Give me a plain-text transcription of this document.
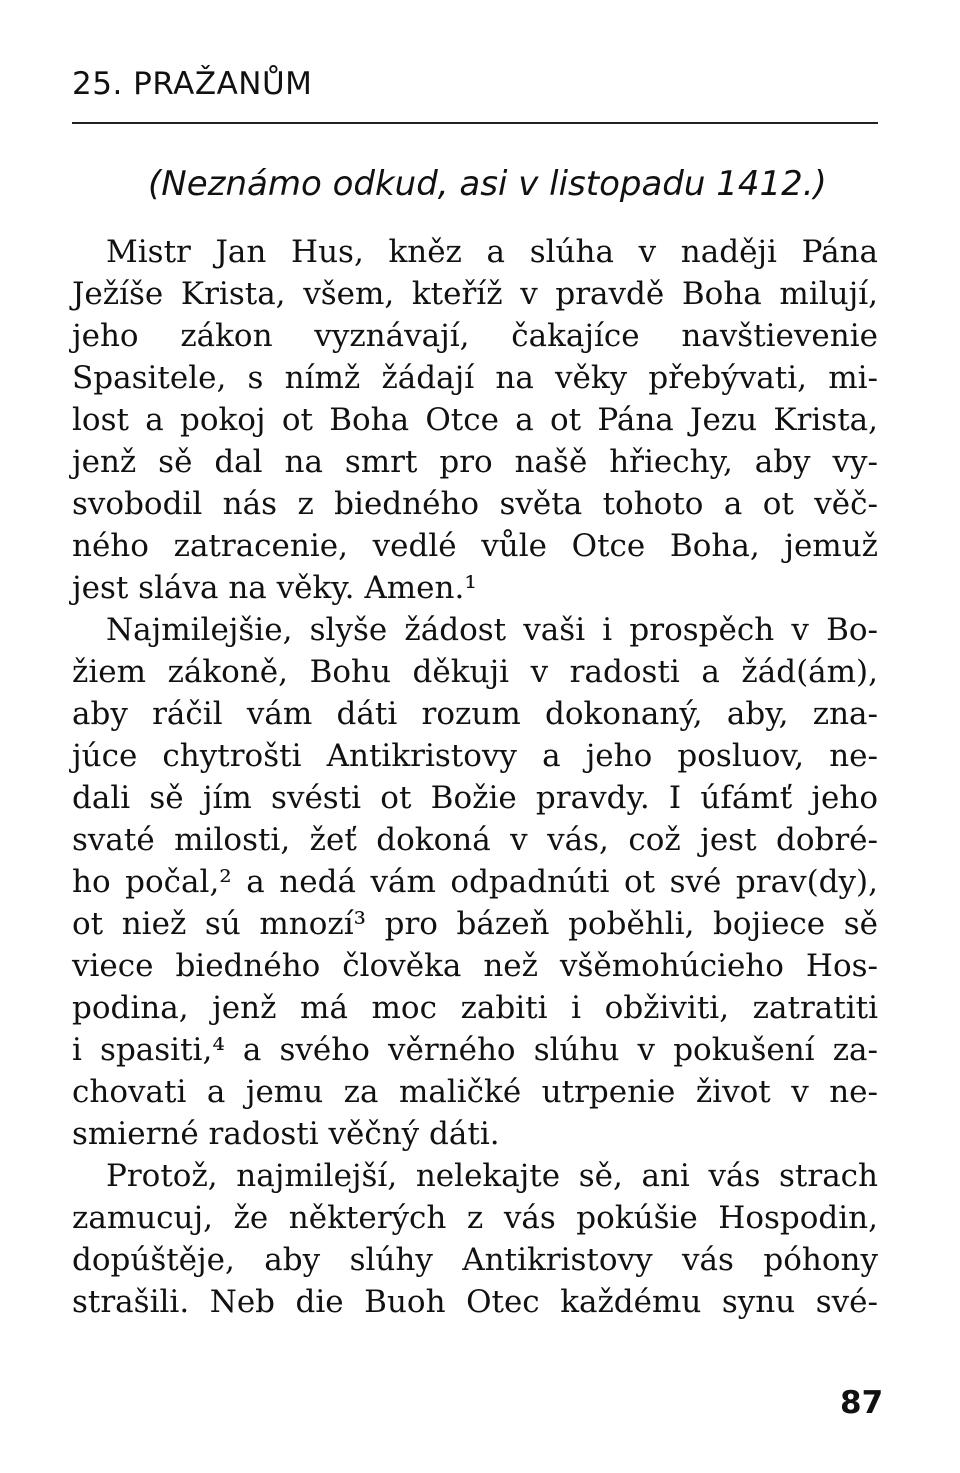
25. PRAŽANŮM
(Neznámo odkud, asi v listopadu 1412.)
Mistr Jan Hus, kněz a slúha v naději Pána
Ježíše Krista, všem, kteříž v pravdě Boha milují,
jeho zákon vyznávají, čakajíce navštievenie
Spasitele, s nímž žádají na věky přebývati, mi-
lost a pokoj ot Boha Otce a ot Pána Jezu Krista,
jenž sě dal na smrt pro našě hřiechy, aby vy-
svobodil nás z biedného světa tohoto a ot věč-
ného zatracenie, vedlé vůle Otce Boha, jemuž
jest sláva na věky. Amen.¹
Najmilejšie, slyše žádost vaši i prospěch v Bo-
žiem zákoně, Bohu děkuji v radosti a žád(ám),
aby ráčil vám dáti rozum dokonaný, aby, zna-
júce chytrošti Antikristovy a jeho posluov, ne-
dali sě jím svésti ot Božie pravdy. I úfámť jeho
svaté milosti, žeť dokoná v vás, což jest dobré-
ho počal,² a nedá vám odpadnúti ot své prav(dy),
ot niež sú mnozí³ pro bázeň poběhli, bojiece sě
viece biedného člověka než všěmohúcieho Hos-
podina, jenž má moc zabiti i obživiti, zatratiti
i spasiti,⁴ a svého věrného slúhu v pokušení za-
chovati a jemu za maličké utrpenie život v ne-
smierné radosti věčný dáti.
Protož, najmilejší, nelekajte sě, ani vás strach
zamucuj, že některých z vás pokúšie Hospodin,
dopúštěje, aby slúhy Antikristovy vás póhony
strašili. Neb die Buoh Otec každému synu své-
87
